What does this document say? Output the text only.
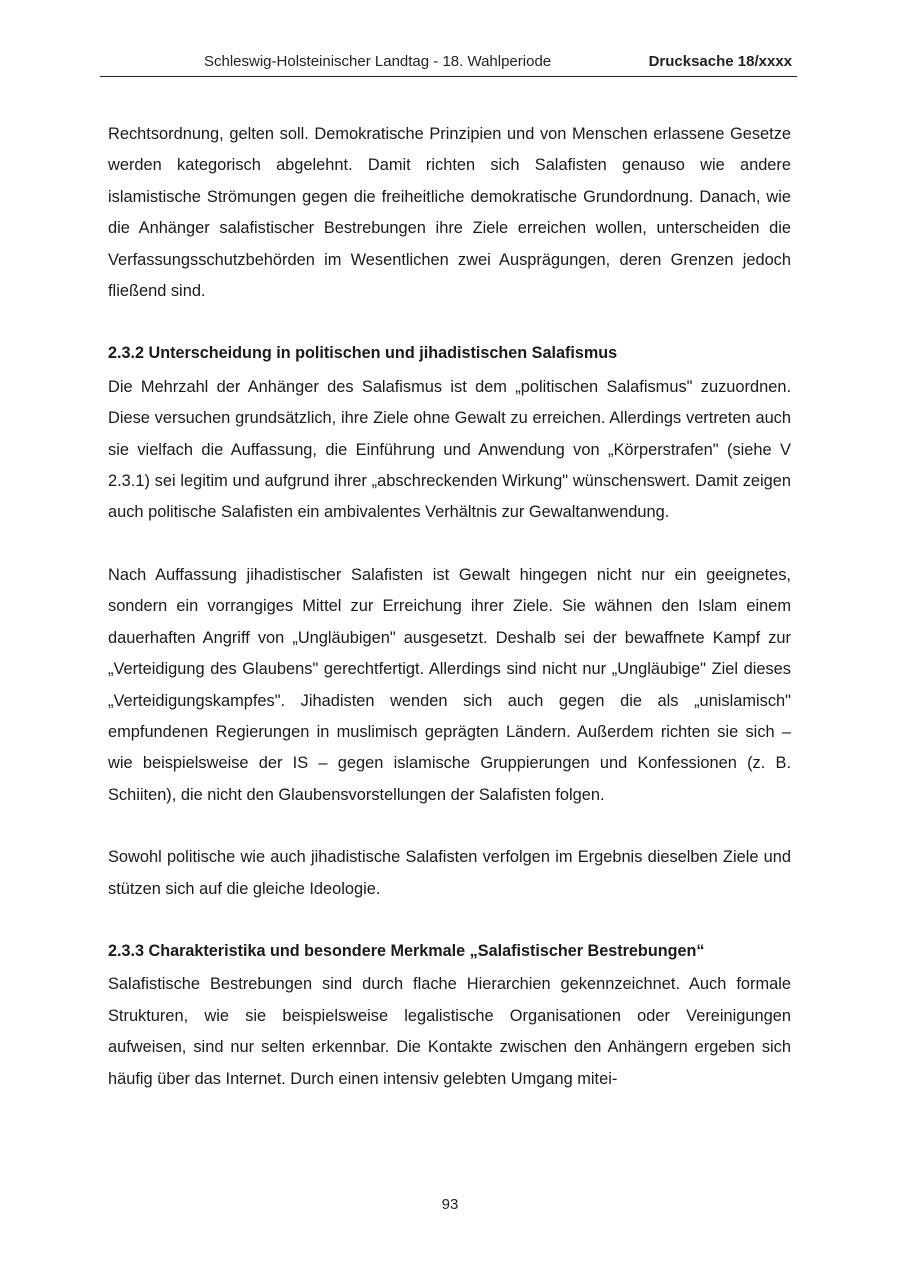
Schleswig-Holsteinischer Landtag - 18. Wahlperiode	Drucksache 18/xxxx

Rechtsordnung, gelten soll. Demokratische Prinzipien und von Menschen erlassene Gesetze werden kategorisch abgelehnt. Damit richten sich Salafisten genauso wie andere islamistische Strömungen gegen die freiheitliche demokratische Grundordnung. Danach, wie die Anhänger salafistischer Bestrebungen ihre Ziele erreichen wollen, unterscheiden die Verfassungsschutzbehörden im Wesentlichen zwei Ausprägungen, deren Grenzen jedoch fließend sind.

2.3.2 Unterscheidung in politischen und jihadistischen Salafismus

Die Mehrzahl der Anhänger des Salafismus ist dem „politischen Salafismus" zuzuordnen. Diese versuchen grundsätzlich, ihre Ziele ohne Gewalt zu erreichen. Allerdings vertreten auch sie vielfach die Auffassung, die Einführung und Anwendung von „Körperstrafen" (siehe V 2.3.1) sei legitim und aufgrund ihrer „abschreckenden Wirkung" wünschenswert. Damit zeigen auch politische Salafisten ein ambivalentes Verhältnis zur Gewaltanwendung.

Nach Auffassung jihadistischer Salafisten ist Gewalt hingegen nicht nur ein geeignetes, sondern ein vorrangiges Mittel zur Erreichung ihrer Ziele. Sie wähnen den Islam einem dauerhaften Angriff von „Ungläubigen" ausgesetzt. Deshalb sei der bewaffnete Kampf zur „Verteidigung des Glaubens" gerechtfertigt. Allerdings sind nicht nur „Ungläubige" Ziel dieses „Verteidigungskampfes". Jihadisten wenden sich auch gegen die als „unislamisch" empfundenen Regierungen in muslimisch geprägten Ländern. Außerdem richten sie sich – wie beispielsweise der IS – gegen islamische Gruppierungen und Konfessionen (z. B. Schiiten), die nicht den Glaubensvorstellungen der Salafisten folgen.

Sowohl politische wie auch jihadistische Salafisten verfolgen im Ergebnis dieselben Ziele und stützen sich auf die gleiche Ideologie.

2.3.3 Charakteristika und besondere Merkmale „Salafistischer Bestrebungen“

Salafistische Bestrebungen sind durch flache Hierarchien gekennzeichnet. Auch formale Strukturen, wie sie beispielsweise legalistische Organisationen oder Vereinigungen aufweisen, sind nur selten erkennbar. Die Kontakte zwischen den Anhängern ergeben sich häufig über das Internet. Durch einen intensiv gelebten Umgang mitei-

93
